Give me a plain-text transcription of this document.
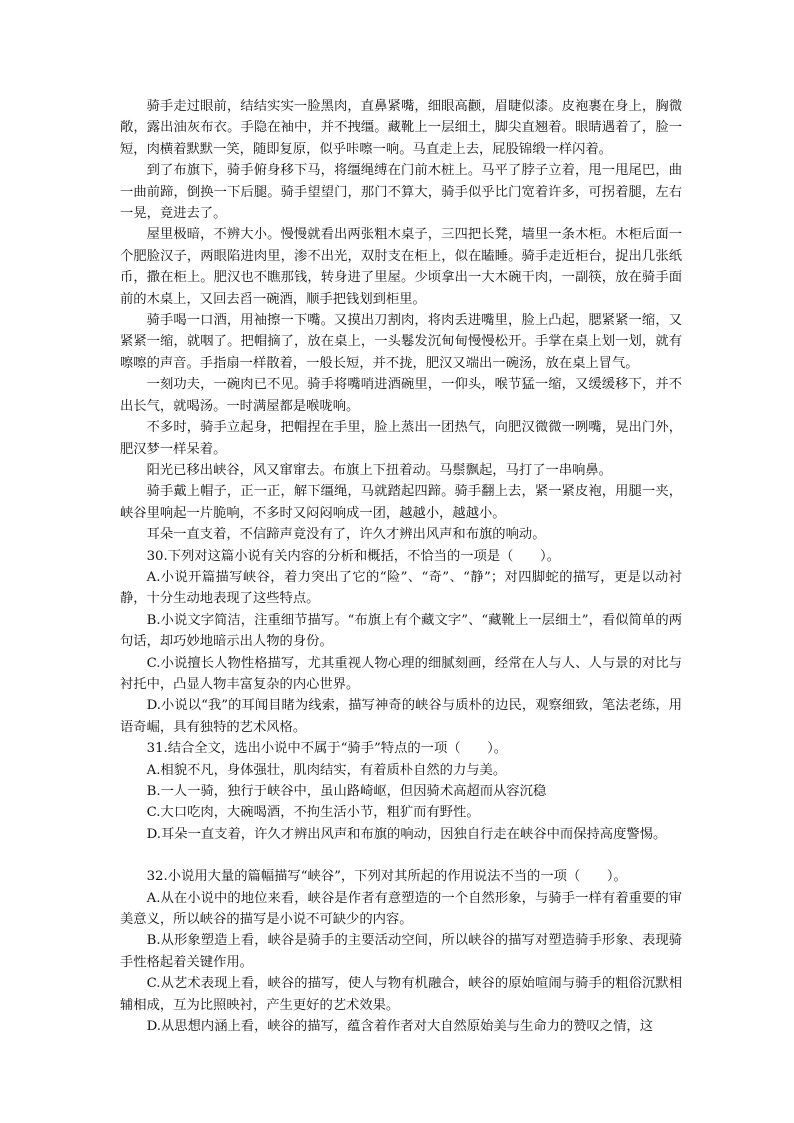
骑手走过眼前，结结实实一脸黑肉，直鼻紧嘴，细眼高颧，眉睫似漆。皮袍裹在身上，胸微敞，露出油灰布衣。手隐在袖中，并不拽缰。藏靴上一层细土，脚尖直翘着。眼睛遇着了，脸一短，肉横着默默一笑，随即复原，似乎咔嚓一响。马直走上去，屁股锦缎一样闪着。

到了布旗下，骑手俯身移下马，将缰绳缚在门前木桩上。马平了脖子立着，甩一甩尾巴，曲一曲前蹄，倒换一下后腿。骑手望望门，那门不算大，骑手似乎比门宽着许多，可拐着腿，左右一晃，竟进去了。

屋里极暗，不辨大小。慢慢就看出两张粗木桌子，三四把长凳，墙里一条木柜。木柜后面一个肥脸汉子，两眼陷进肉里，渗不出光，双肘支在柜上，似在瞌睡。骑手走近柜台，捉出几张纸币，撒在柜上。肥汉也不瞧那钱，转身进了里屋。少顷拿出一大木碗干肉，一副筷，放在骑手面前的木桌上，又回去舀一碗酒，顺手把钱划到柜里。

骑手喝一口酒，用袖擦一下嘴。又摸出刀割肉，将肉丢进嘴里，脸上凸起，腮紧紧一缩，又紧紧一缩，就咽了。把帽摘了，放在桌上，一头鬈发沉甸甸慢慢松开。手掌在桌上划一划，就有嚓嚓的声音。手指扇一样散着，一般长短，并不拢，肥汉又端出一碗汤，放在桌上冒气。

一刻功夫，一碗肉已不见。骑手将嘴哨进酒碗里，一仰头，喉节猛一缩，又缓缓移下，并不出长气，就喝汤。一时满屋都是喉咙响。

不多时，骑手立起身，把帽捏在手里，脸上蒸出一团热气，向肥汉微微一咧嘴，晃出门外，肥汉梦一样呆着。

阳光已移出峡谷，风又窜窜去。布旗上下扭着动。马鬃飘起，马打了一串响鼻。

骑手戴上帽子，正一正，解下缰绳，马就踏起四蹄。骑手翻上去，紧一紧皮袍，用腿一夹，峡谷里响起一片脆响，不多时又闷闷响成一团，越越小，越越小。

耳朵一直支着，不信蹄声竟没有了，许久才辨出风声和布旗的响动。

30.下列对这篇小说有关内容的分析和概括，不恰当的一项是（　　）。

A.小说开篇描写峡谷，着力突出了它的“险”、“奇”、“静”；对四脚蛇的描写，更是以动衬静，十分生动地表现了这些特点。

B.小说文字简洁，注重细节描写。“布旗上有个藏文字”、“藏靴上一层细土”，看似简单的两句话，却巧妙地暗示出人物的身份。

C.小说擅长人物性格描写，尤其重视人物心理的细腻刻画，经常在人与人、人与景的对比与衬托中，凸显人物丰富复杂的内心世界。

D.小说以“我”的耳闻目睹为线索，描写神奇的峡谷与质朴的边民，观察细致，笔法老练，用语奇崛，具有独特的艺术风格。

31.结合全文，选出小说中不属于“骑手”特点的一项（　　）。

A.相貌不凡，身体强壮，肌肉结实，有着质朴自然的力与美。

B.一人一骑，独行于峡谷中，虽山路崎岖，但因骑术高超而从容沉稳

C.大口吃肉，大碗喝酒，不拘生活小节，粗犷而有野性。

D.耳朵一直支着，许久才辨出风声和布旗的响动，因独自行走在峡谷中而保持高度警惕。

32.小说用大量的篇幅描写“峡谷”，下列对其所起的作用说法不当的一项（　　）。

A.从在小说中的地位来看，峡谷是作者有意塑造的一个自然形象，与骑手一样有着重要的审美意义，所以峡谷的描写是小说不可缺少的内容。

B.从形象塑造上看，峡谷是骑手的主要活动空间，所以峡谷的描写对塑造骑手形象、表现骑手性格起着关键作用。

C.从艺术表现上看，峡谷的描写，使人与物有机融合，峡谷的原始喧闹与骑手的粗俗沉默相辅相成，互为比照映衬，产生更好的艺术效果。

D.从思想内涵上看，峡谷的描写，蕴含着作者对大自然原始美与生命力的赞叹之情，这
